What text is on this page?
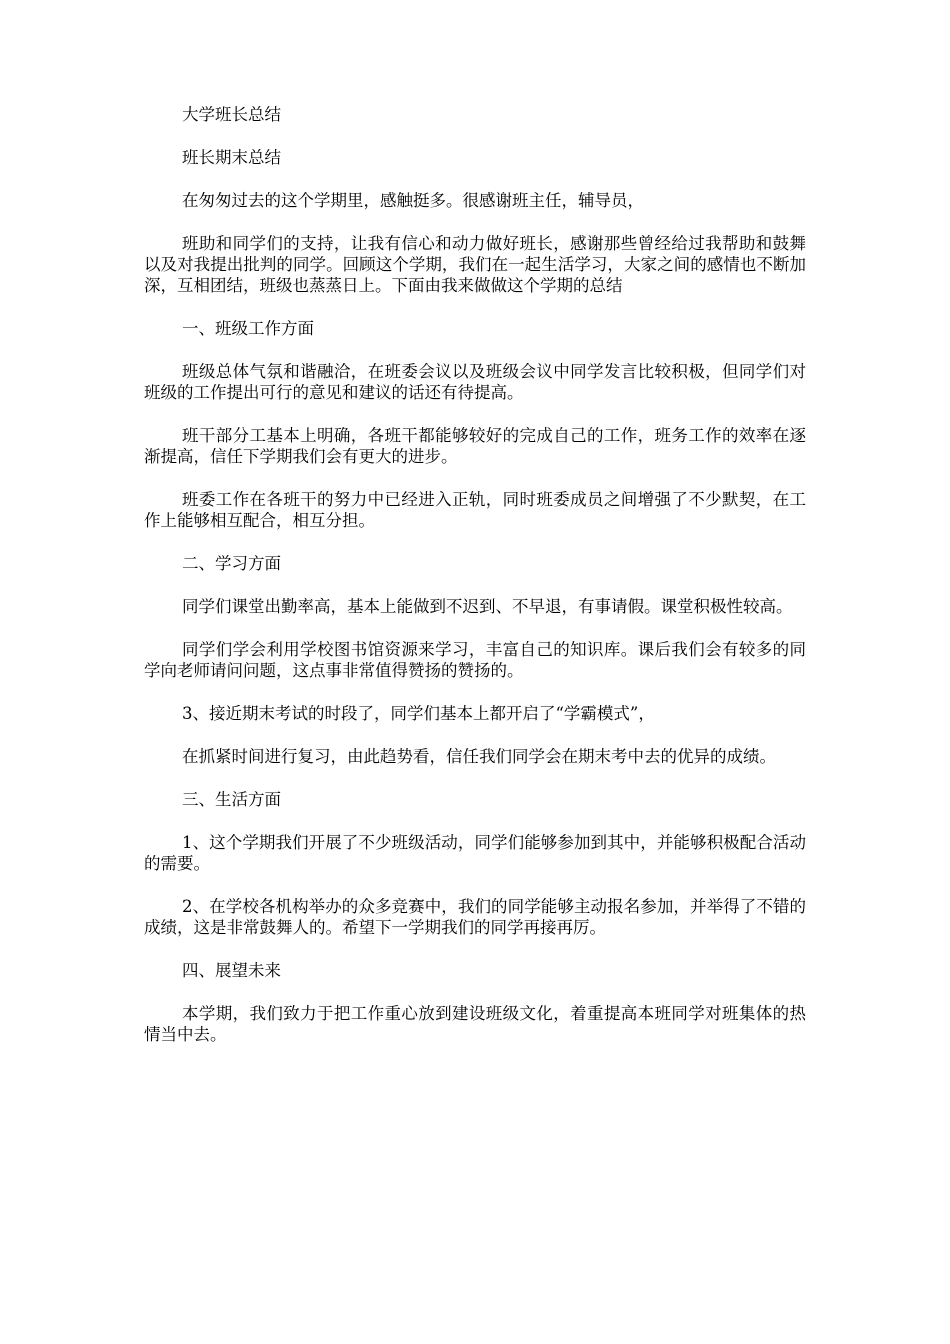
大学班长总结

班长期末总结

在匆匆过去的这个学期里，感触挺多。很感谢班主任，辅导员，

班助和同学们的支持，让我有信心和动力做好班长，感谢那些曾经给过我帮助和鼓舞以及对我提出批判的同学。回顾这个学期，我们在一起生活学习，大家之间的感情也不断加深，互相团结，班级也蒸蒸日上。下面由我来做做这个学期的总结

一、班级工作方面

班级总体气氛和谐融洽，在班委会议以及班级会议中同学发言比较积极，但同学们对班级的工作提出可行的意见和建议的话还有待提高。

班干部分工基本上明确，各班干都能够较好的完成自己的工作，班务工作的效率在逐渐提高，信任下学期我们会有更大的进步。

班委工作在各班干的努力中已经进入正轨，同时班委成员之间增强了不少默契，在工作上能够相互配合，相互分担。

二、学习方面

同学们课堂出勤率高，基本上能做到不迟到、不早退，有事请假。课堂积极性较高。

同学们学会利用学校图书馆资源来学习，丰富自己的知识库。课后我们会有较多的同学向老师请问问题，这点事非常值得赞扬的赞扬的。

3、接近期末考试的时段了，同学们基本上都开启了“学霸模式”，

在抓紧时间进行复习，由此趋势看，信任我们同学会在期末考中去的优异的成绩。

三、生活方面

1、这个学期我们开展了不少班级活动，同学们能够参加到其中，并能够积极配合活动的需要。

2、在学校各机构举办的众多竞赛中，我们的同学能够主动报名参加，并举得了不错的成绩，这是非常鼓舞人的。希望下一学期我们的同学再接再厉。

四、展望未来

本学期，我们致力于把工作重心放到建设班级文化，着重提高本班同学对班集体的热情当中去。
